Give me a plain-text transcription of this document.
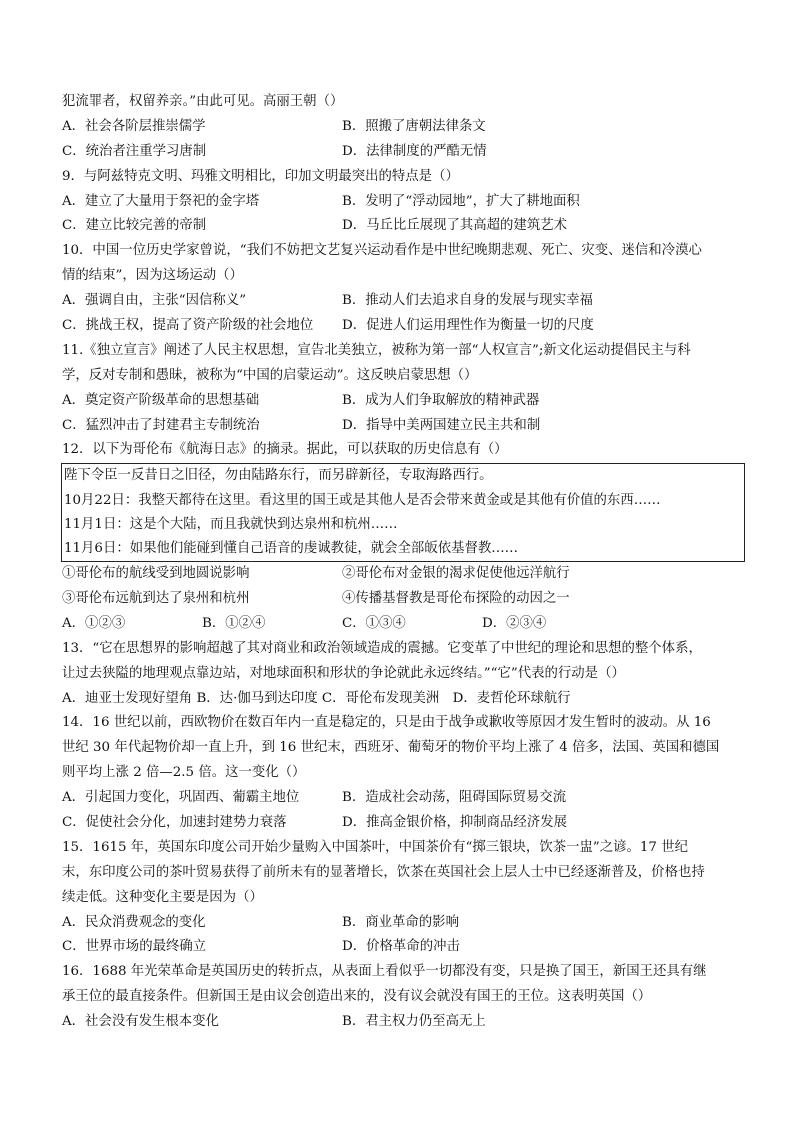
犯流罪者，权留养亲。”由此可见。高丽王朝（）
A．社会各阶层推崇儒学	B．照搬了唐朝法律条文
C．统治者注重学习唐制	D．法律制度的严酷无情
9．与阿兹特克文明、玛雅文明相比，印加文明最突出的特点是（）
A．建立了大量用于祭祀的金字塔	B．发明了“浮动园地”，扩大了耕地面积
C．建立比较完善的帝制	D．马丘比丘展现了其高超的建筑艺术
10．中国一位历史学家曾说，“我们不妨把文艺复兴运动看作是中世纪晚期悲观、死亡、灾变、迷信和冷漠心
情的结束”，因为这场运动（）
A．强调自由，主张“因信称义”	B．推动人们去追求自身的发展与现实幸福
C．挑战王权，提高了资产阶级的社会地位	D．促进人们运用理性作为衡量一切的尺度
11.《独立宣言》阐述了人民主权思想，宣告北美独立，被称为第一部“人权宣言”;新文化运动提倡民主与科
学，反对专制和愚昧，被称为“中国的启蒙运动”。这反映启蒙思想（）
A．奠定资产阶级革命的思想基础	B．成为人们争取解放的精神武器
C．猛烈冲击了封建君主专制统治	D．指导中美两国建立民主共和制
12．以下为哥伦布《航海日志》的摘录。据此，可以获取的历史信息有（）
陛下令臣一反昔日之旧径，勿由陆路东行，而另辟新径，专取海路西行。
10月22日：我整天都待在这里。看这里的国王或是其他人是否会带来黄金或是其他有价值的东西……
11月1日：这是个大陆，而且我就快到达泉州和杭州……
11月6日：如果他们能碰到懂自己语音的虔诚教徒，就会全部皈依基督教……
①哥伦布的航线受到地圆说影响	②哥伦布对金银的渴求促使他远洋航行
③哥伦布远航到达了泉州和杭州	④传播基督教是哥伦布探险的动因之一
A．①②③	B．①②④	C．①③④	D．②③④
13．“它在思想界的影响超越了其对商业和政治领域造成的震撼。它变革了中世纪的理论和思想的整个体系，
让过去狭隘的地理观点靠边站，对地球面积和形状的争论就此永远终结。”“它”代表的行动是（）
A．迪亚士发现好望角 B．达·伽马到达印度 C．哥伦布发现美洲　D．麦哲伦环球航行
14．16 世纪以前，西欧物价在数百年内一直是稳定的，只是由于战争或歉收等原因才发生暂时的波动。从 16
世纪 30 年代起物价却一直上升，到 16 世纪末，西班牙、葡萄牙的物价平均上涨了 4 倍多，法国、英国和德国
则平均上涨 2 倍—2.5 倍。这一变化（）
A．引起国力变化，巩固西、葡霸主地位	B．造成社会动荡，阻碍国际贸易交流
C．促使社会分化，加速封建势力衰落	D．推高金银价格，抑制商品经济发展
15．1615 年，英国东印度公司开始少量购入中国茶叶，中国茶价有“掷三银块，饮茶一盅”之谚。17 世纪
末，东印度公司的茶叶贸易获得了前所未有的显著增长，饮茶在英国社会上层人士中已经逐渐普及，价格也持
续走低。这种变化主要是因为（）
A．民众消费观念的变化	B．商业革命的影响
C．世界市场的最终确立	D．价格革命的冲击
16．1688 年光荣革命是英国历史的转折点，从表面上看似乎一切都没有变，只是换了国王，新国王还具有继
承王位的最直接条件。但新国王是由议会创造出来的，没有议会就没有国王的王位。这表明英国（）
A．社会没有发生根本变化	B．君主权力仍至高无上
